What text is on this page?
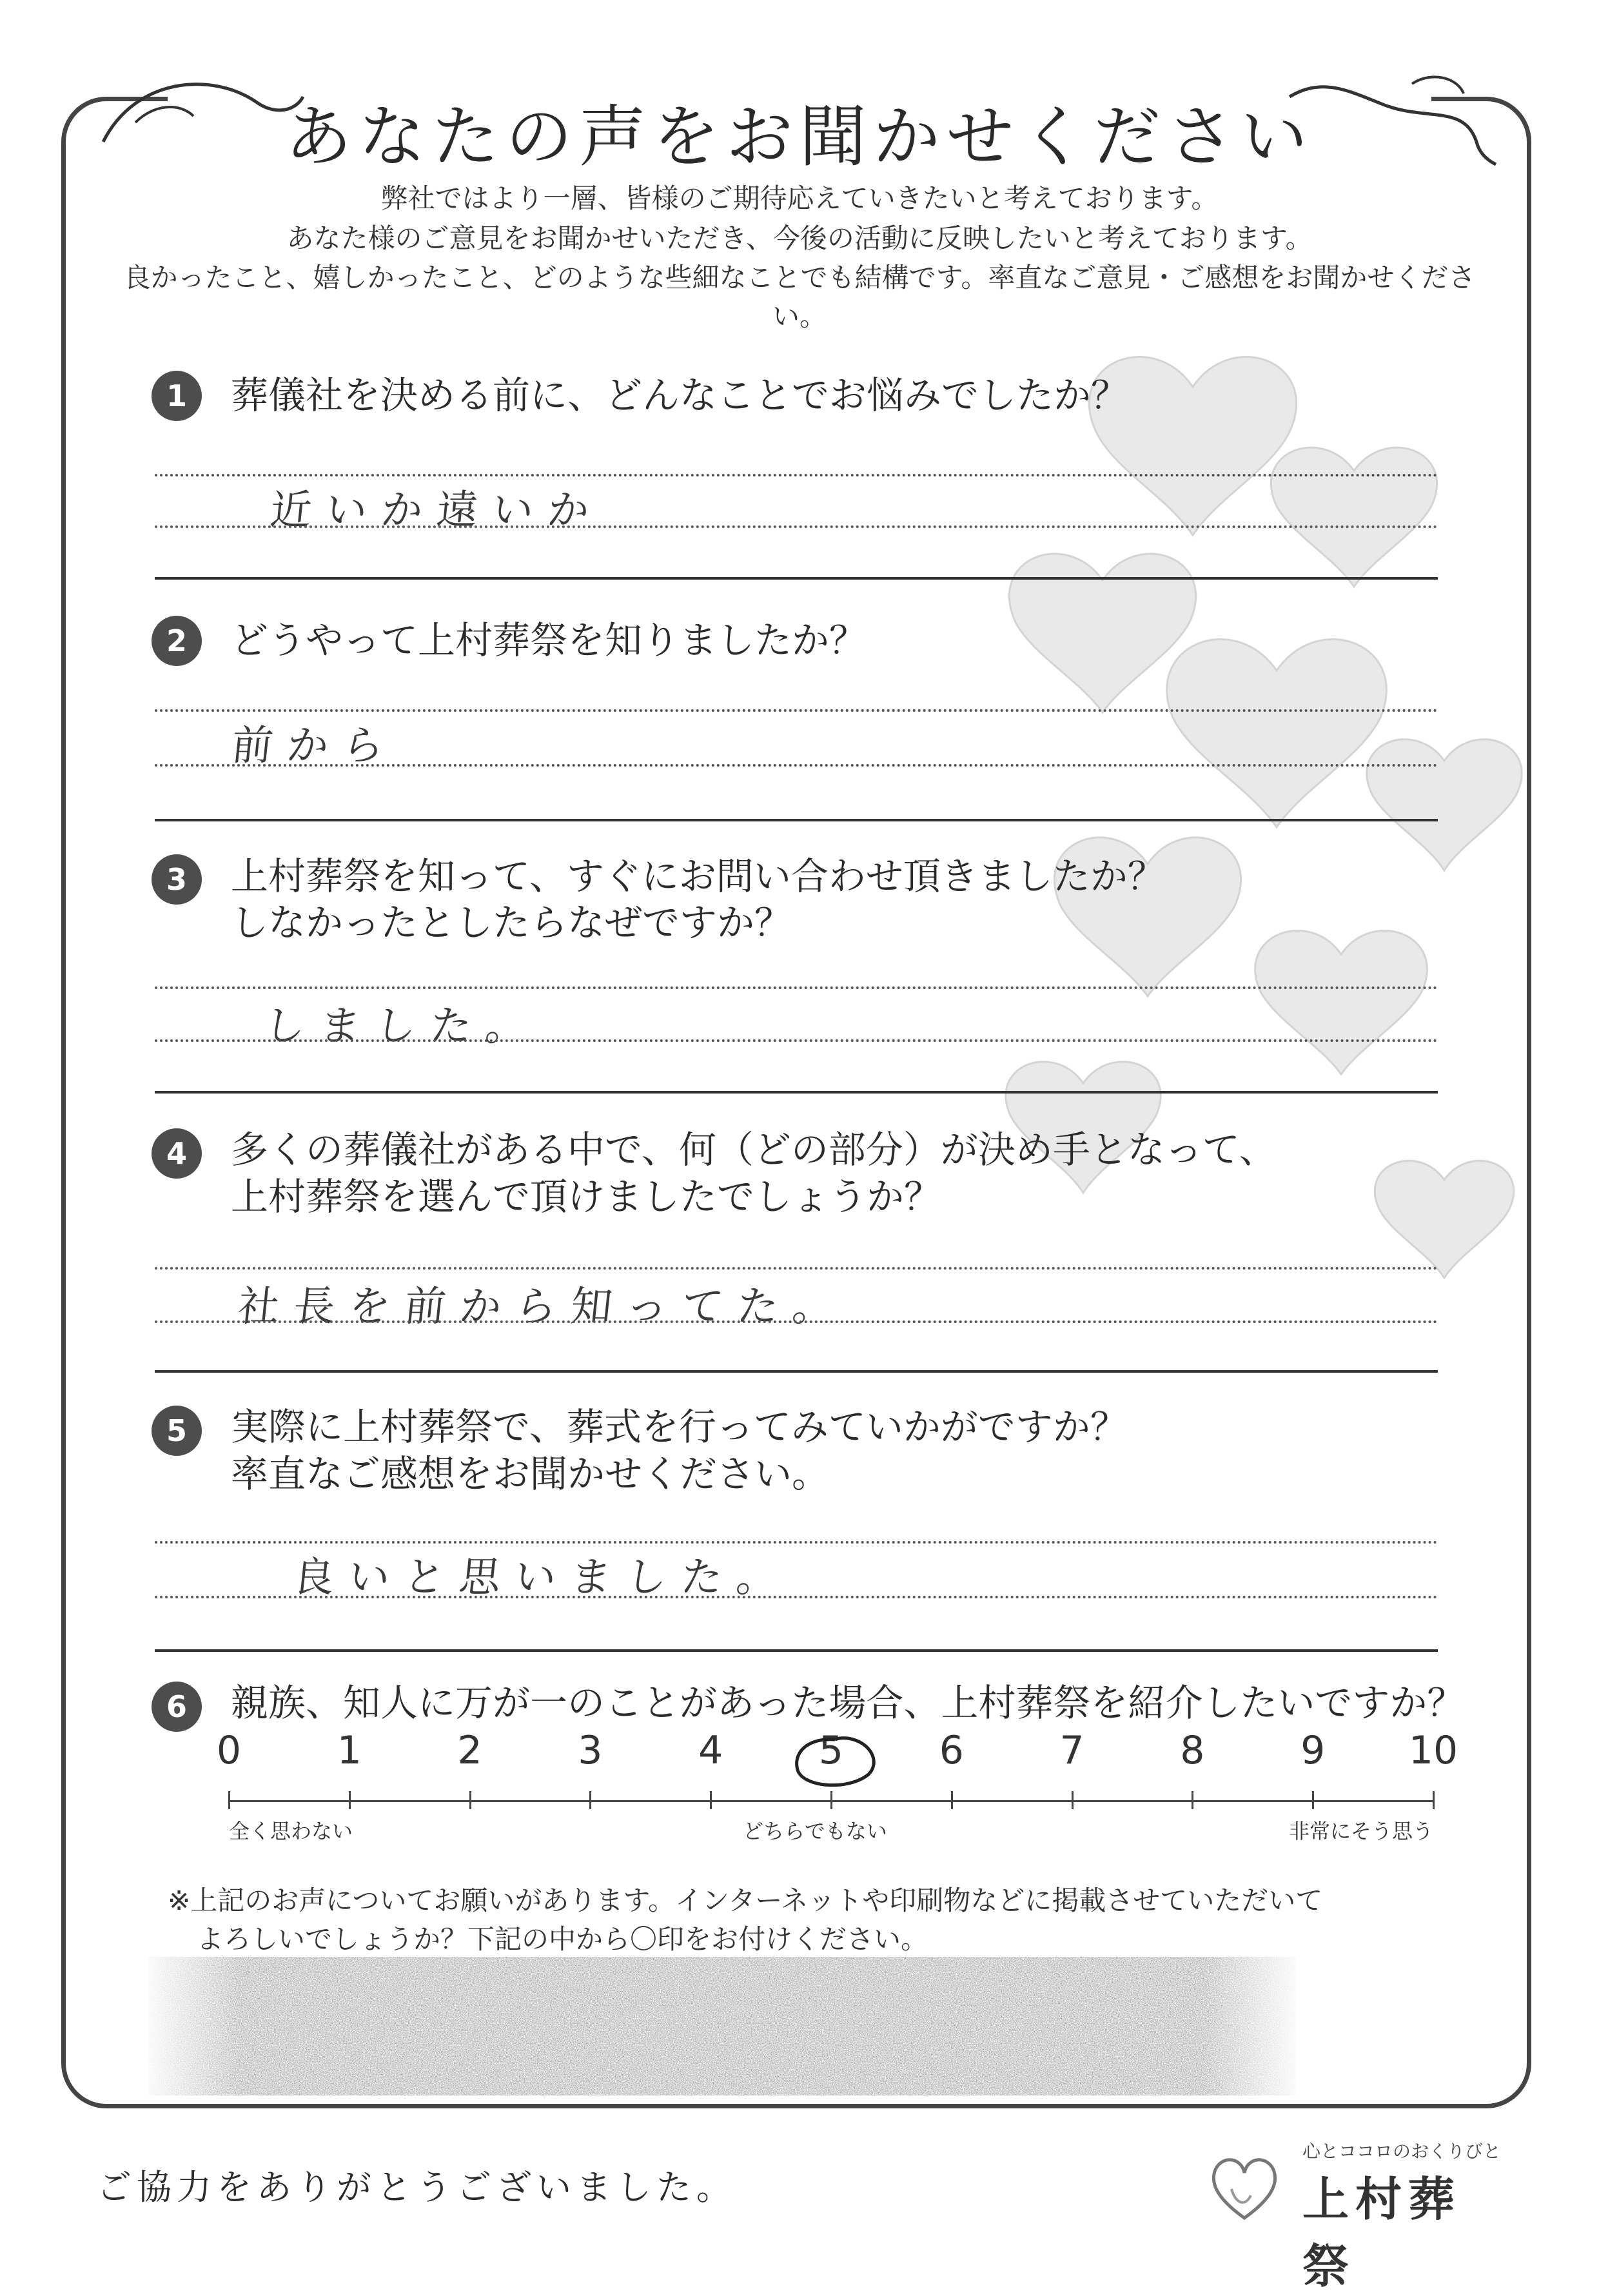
あなたの声をお聞かせください
弊社ではより一層、皆様のご期待応えていきたいと考えております。
あなた様のご意見をお聞かせいただき、今後の活動に反映したいと考えております。
良かったこと、嬉しかったこと、どのような些細なことでも結構です。率直なご意見・ご感想をお聞かせください。
1	葬儀社を決める前に、どんなことでお悩みでしたか？
近いか遠いか
2	どうやって上村葬祭を知りましたか？
前から
3	上村葬祭を知って、すぐにお問い合わせ頂きましたか？
しなかったとしたらなぜですか？
しました。
4	多くの葬儀社がある中で、何（どの部分）が決め手となって、
上村葬祭を選んで頂けましたでしょうか？
社長を前から知ってた。
5	実際に上村葬祭で、葬式を行ってみていかがですか？
率直なご感想をお聞かせください。
良いと思いました。
6	親族、知人に万が一のことがあった場合、上村葬祭を紹介したいですか？
0 1 2 3 4 5 6 7 8 9 10
全く思わない	どちらでもない	非常にそう思う
※上記のお声についてお願いがあります。インターネットや印刷物などに掲載させていただいて
よろしいでしょうか？下記の中から〇印をお付けください。
ご協力をありがとうございました。
心とココロのおくりびと
上村葬祭
